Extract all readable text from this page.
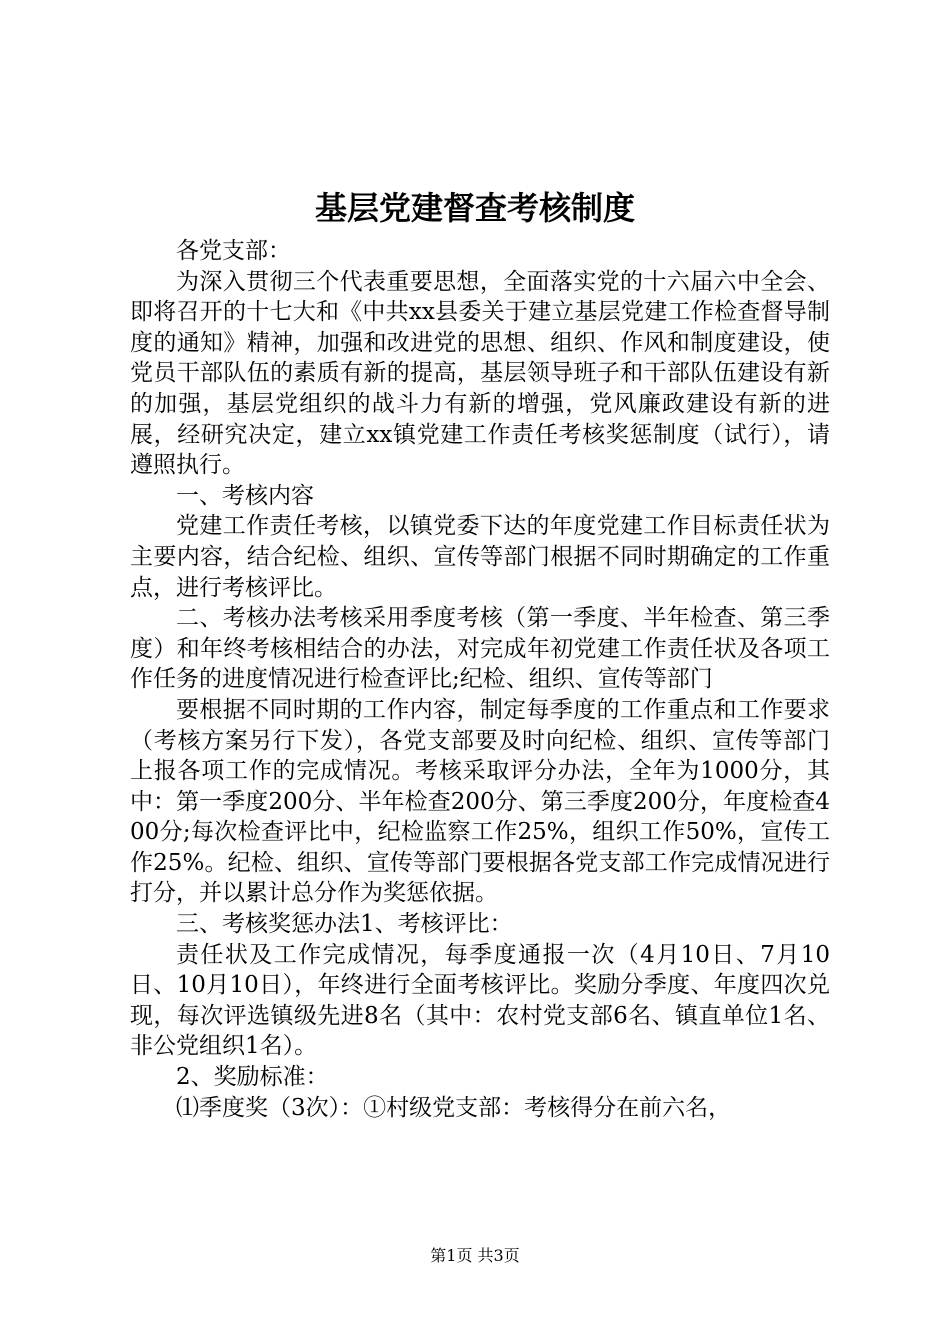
基层党建督查考核制度

各党支部：

为深入贯彻三个代表重要思想，全面落实党的十六届六中全会、即将召开的十七大和《中共xx县委关于建立基层党建工作检查督导制度的通知》精神，加强和改进党的思想、组织、作风和制度建设，使党员干部队伍的素质有新的提高，基层领导班子和干部队伍建设有新的加强，基层党组织的战斗力有新的增强，党风廉政建设有新的进展，经研究决定，建立xx镇党建工作责任考核奖惩制度（试行），请遵照执行。

一、考核内容

党建工作责任考核，以镇党委下达的年度党建工作目标责任状为主要内容，结合纪检、组织、宣传等部门根据不同时期确定的工作重点，进行考核评比。

二、考核办法考核采用季度考核（第一季度、半年检查、第三季度）和年终考核相结合的办法，对完成年初党建工作责任状及各项工作任务的进度情况进行检查评比;纪检、组织、宣传等部门

要根据不同时期的工作内容，制定每季度的工作重点和工作要求（考核方案另行下发），各党支部要及时向纪检、组织、宣传等部门上报各项工作的完成情况。考核采取评分办法，全年为1000分，其中：第一季度200分、半年检查200分、第三季度200分，年度检查400分;每次检查评比中，纪检监察工作25%，组织工作50%，宣传工作25%。纪检、组织、宣传等部门要根据各党支部工作完成情况进行打分，并以累计总分作为奖惩依据。

三、考核奖惩办法1、考核评比：

责任状及工作完成情况，每季度通报一次（4月10日、7月10日、10月10日），年终进行全面考核评比。奖励分季度、年度四次兑现，每次评选镇级先进8名（其中：农村党支部6名、镇直单位1名、非公党组织1名）。

2、奖励标准：

⑴季度奖（3次）：①村级党支部：考核得分在前六名，

第1页 共3页
